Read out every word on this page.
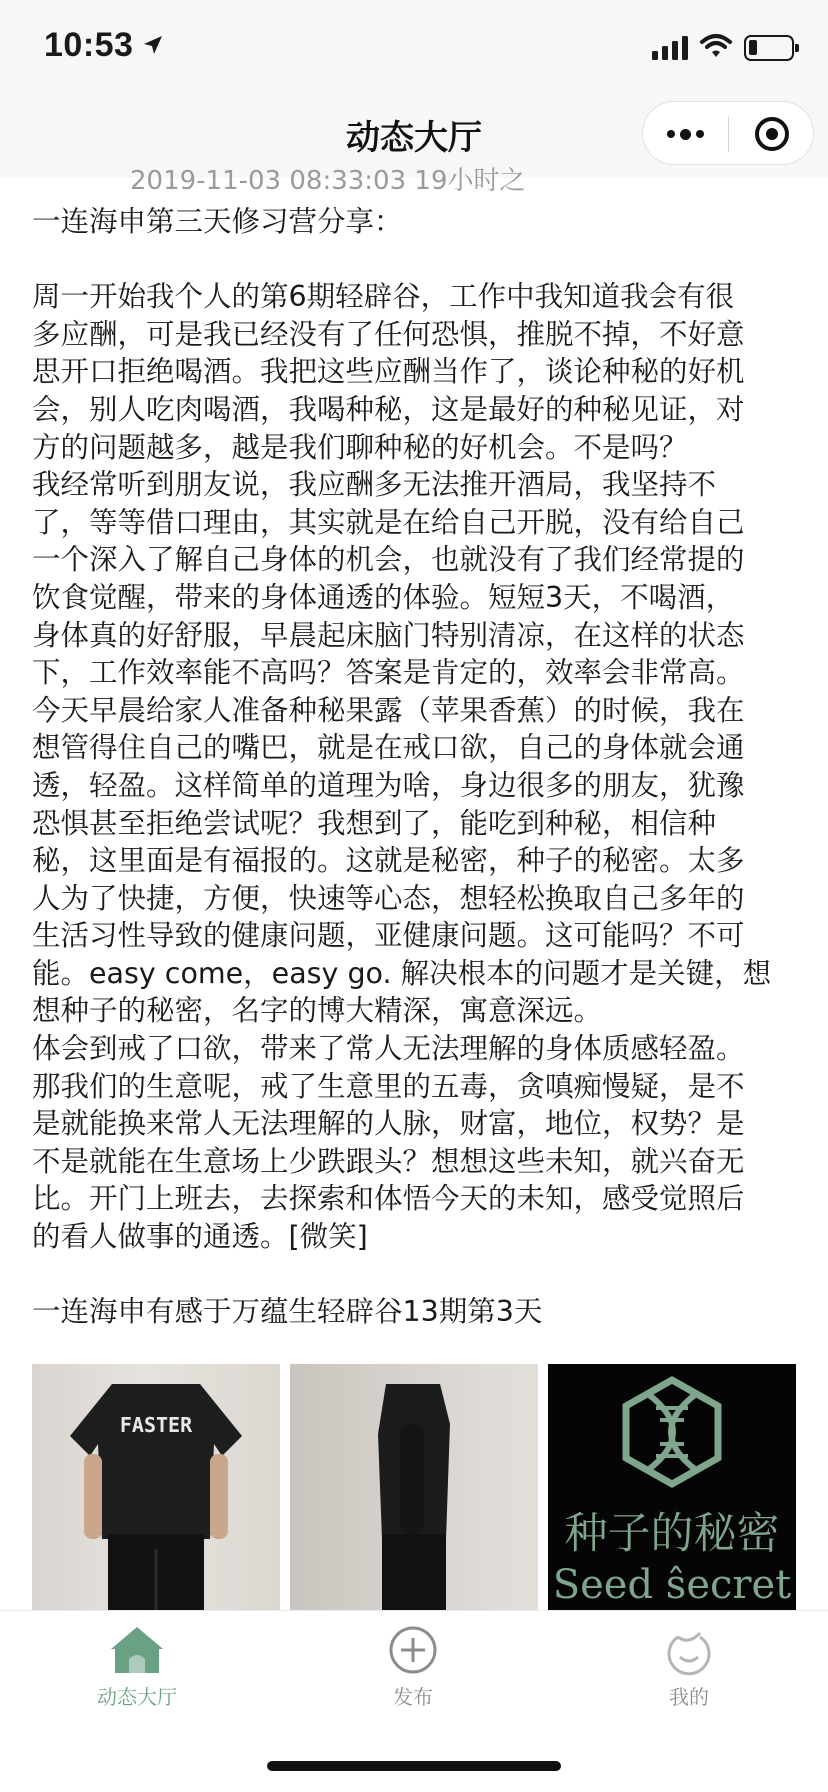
10:53
动态大厅
2019-11-03 08:33:03 19小时之

一连海申第三天修习营分享：

周一开始我个人的第6期轻辟谷，工作中我知道我会有很

多应酬，可是我已经没有了任何恐惧，推脱不掉，不好意

思开口拒绝喝酒。我把这些应酬当作了，谈论种秘的好机

会，别人吃肉喝酒，我喝种秘，这是最好的种秘见证，对

方的问题越多，越是我们聊种秘的好机会。不是吗？

我经常听到朋友说，我应酬多无法推开酒局，我坚持不

了，等等借口理由，其实就是在给自己开脱，没有给自己

一个深入了解自己身体的机会，也就没有了我们经常提的

饮食觉醒，带来的身体通透的体验。短短3天，不喝酒，

身体真的好舒服，早晨起床脑门特别清凉，在这样的状态

下，工作效率能不高吗？答案是肯定的，效率会非常高。

今天早晨给家人准备种秘果露（苹果香蕉）的时候，我在

想管得住自己的嘴巴，就是在戒口欲，自己的身体就会通

透，轻盈。这样简单的道理为啥，身边很多的朋友，犹豫

恐惧甚至拒绝尝试呢？我想到了，能吃到种秘，相信种

秘，这里面是有福报的。这就是秘密，种子的秘密。太多

人为了快捷，方便，快速等心态，想轻松换取自己多年的

生活习性导致的健康问题，亚健康问题。这可能吗？不可

能。easy come，easy go. 解决根本的问题才是关键，想

想种子的秘密，名字的博大精深，寓意深远。

体会到戒了口欲，带来了常人无法理解的身体质感轻盈。

那我们的生意呢，戒了生意里的五毒，贪嗔痴慢疑，是不

是就能换来常人无法理解的人脉，财富，地位，权势？是

不是就能在生意场上少跌跟头？想想这些未知，就兴奋无

比。开门上班去，去探索和体悟今天的未知，感受觉照后

的看人做事的通透。[微笑]

一连海申有感于万蕴生轻辟谷13期第3天

FASTER
种子的秘密
Seed ŝecret
动态大厅	发布	我的
